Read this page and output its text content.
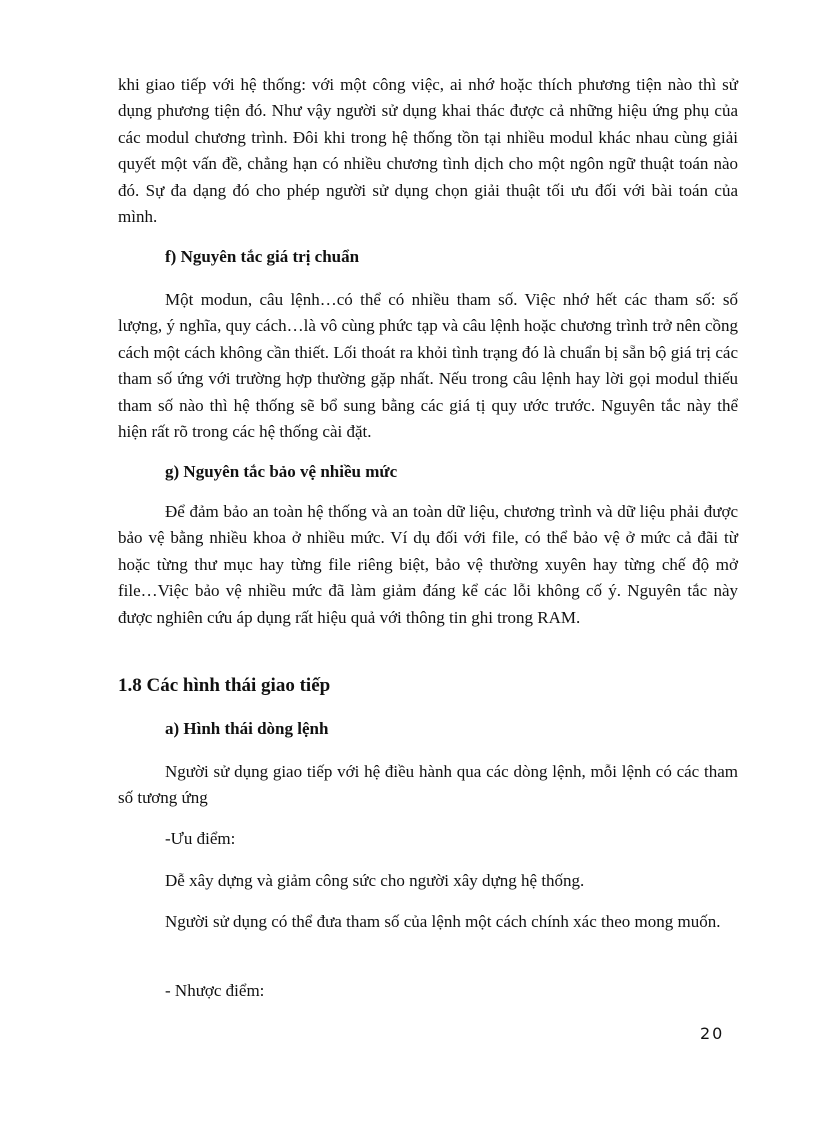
khi giao tiếp với hệ thống: với một công việc, ai nhớ hoặc thích phương tiện nào thì sử dụng phương tiện đó. Như vậy người sử dụng khai thác được cả những hiệu ứng phụ của các modul chương trình. Đôi khi trong hệ thống tồn tại nhiều modul khác nhau cùng giải quyết một vấn đề, chẳng hạn có nhiều chương tình dịch cho một ngôn ngữ thuật toán nào đó. Sự đa dạng đó cho phép người sử dụng chọn giải thuật tối ưu đối với bài toán của mình.

f) Nguyên tắc giá trị chuẩn

Một modun, câu lệnh…có thể có nhiều tham số. Việc nhớ hết các tham số: số lượng, ý nghĩa, quy cách…là vô cùng phức tạp và câu lệnh hoặc chương trình trở nên cồng cách một cách không cần thiết. Lối thoát ra khỏi tình trạng đó là chuẩn bị sẵn bộ giá trị các tham số ứng với trường hợp thường gặp nhất. Nếu trong câu lệnh hay lời gọi modul thiếu tham số nào thì hệ thống sẽ bổ sung bằng các giá tị quy ước trước. Nguyên tắc này thể hiện rất rõ trong các hệ thống cài đặt.

g) Nguyên tắc bảo vệ nhiều mức

Để đảm bảo an toàn hệ thống và an toàn dữ liệu, chương trình và dữ liệu phải được bảo vệ bằng nhiều khoa ở nhiều mức. Ví dụ đối với file, có thể bảo vệ ở mức cả đãi từ hoặc từng thư mục hay từng file riêng biệt, bảo vệ thường xuyên hay từng chế độ mở file…Việc bảo vệ nhiều mức đã làm giảm đáng kể các lỗi không cố ý. Nguyên tắc này được nghiên cứu áp dụng rất hiệu quả với thông tin ghi trong RAM.

1.8 Các hình thái giao tiếp

a) Hình thái dòng lệnh

Người sử dụng giao tiếp với hệ điều hành qua các dòng lệnh, mỗi lệnh có các tham số tương ứng

-Ưu điểm:

Dễ xây dựng và giảm công sức cho người xây dựng hệ thống.

Người sử dụng có thể đưa tham số của lệnh một cách chính xác theo mong muốn.

- Nhược điểm:

20
